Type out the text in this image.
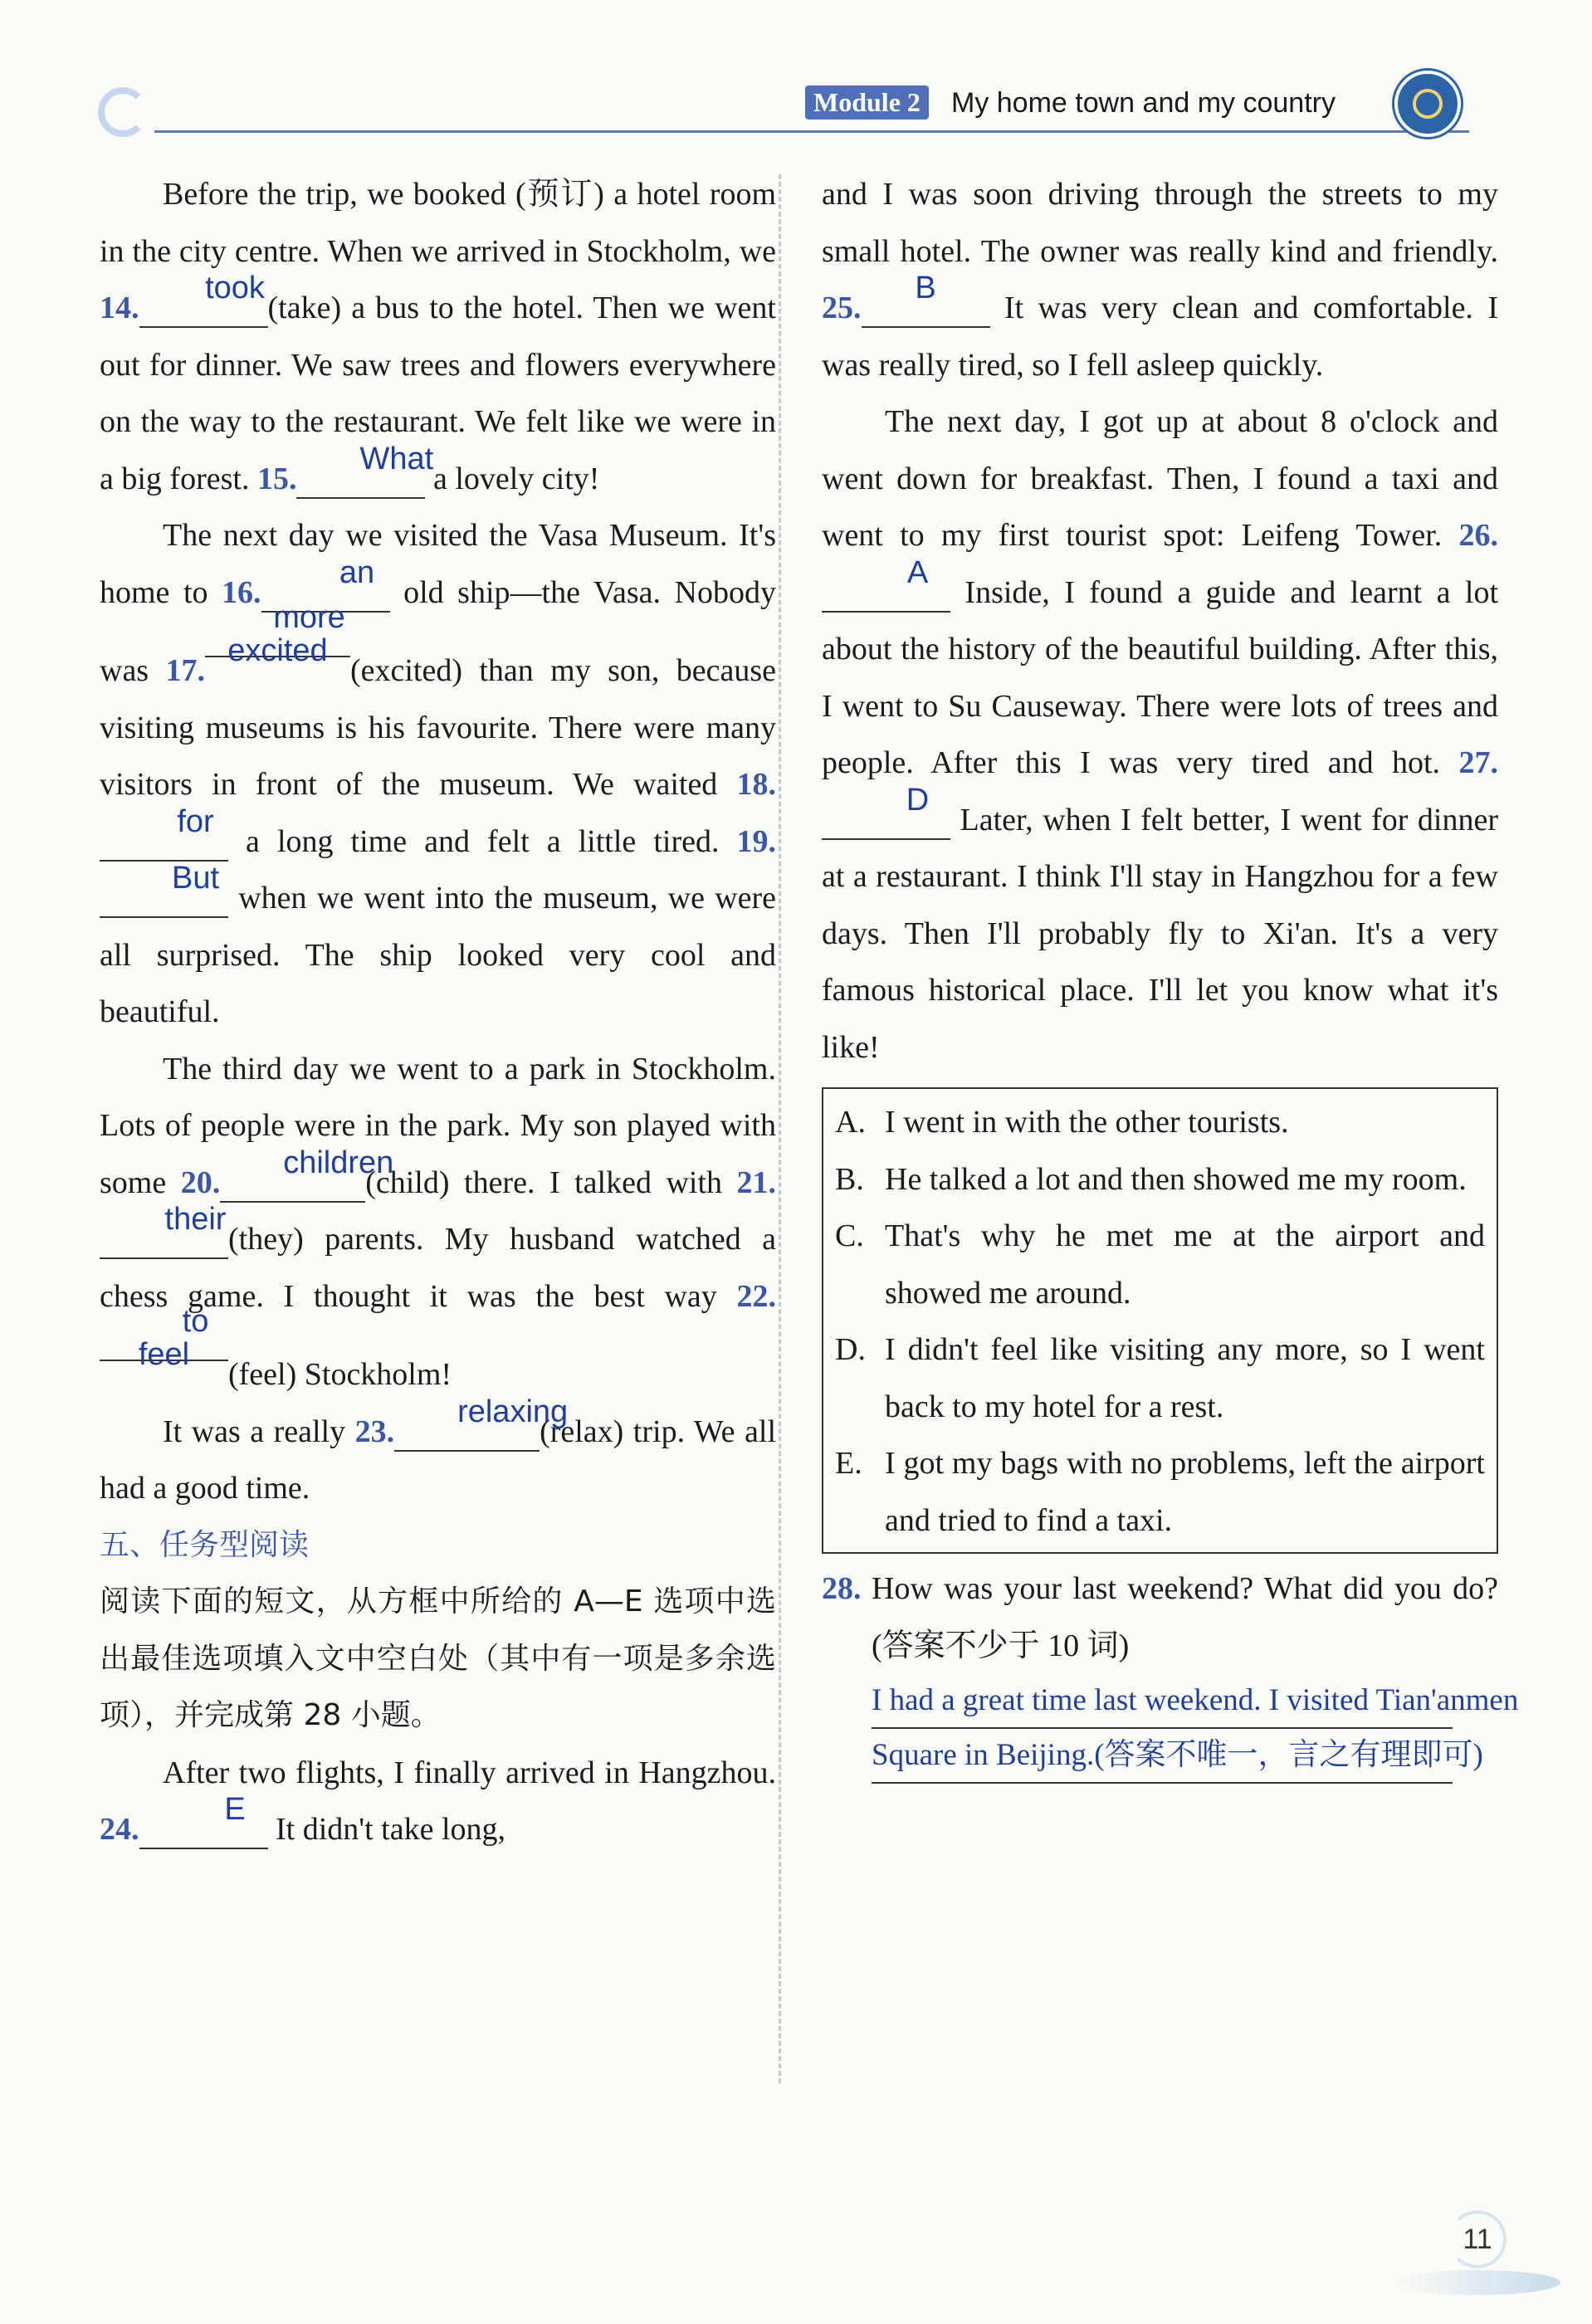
Module 2 My home town and my country

Before the trip, we booked (预订) a hotel room in the city centre. When we arrived in Stockholm, we 14.took(take) a bus to the hotel. Then we went out for dinner. We saw trees and flowers everywhere on the way to the restaurant. We felt like we were in a big forest. 15.What a lovely city!

The next day we visited the Vasa Museum. It's home to 16.an old ship—the Vasa. Nobody was 17.more excited(excited) than my son, because visiting museums is his favourite. There were many visitors in front of the museum. We waited 18.for a long time and felt a little tired. 19.But when we went into the museum, we were all surprised. The ship looked very cool and beautiful.

The third day we went to a park in Stockholm. Lots of people were in the park. My son played with some 20.children(child) there. I talked with 21.their(they) parents. My husband watched a chess game. I thought it was the best way 22.to feel(feel) Stockholm!

It was a really 23.relaxing(relax) trip. We all had a good time.

五、任务型阅读

阅读下面的短文，从方框中所给的 A—E 选项中选出最佳选项填入文中空白处（其中有一项是多余选项），并完成第 28 小题。

After two flights, I finally arrived in Hangzhou. 24.E It didn't take long,

and I was soon driving through the streets to my small hotel. The owner was really kind and friendly. 25.B It was very clean and comfortable. I was really tired, so I fell asleep quickly.

The next day, I got up at about 8 o'clock and went down for breakfast. Then, I found a taxi and went to my first tourist spot: Leifeng Tower. 26.A Inside, I found a guide and learnt a lot about the history of the beautiful building. After this, I went to Su Causeway. There were lots of trees and people. After this I was very tired and hot. 27.D Later, when I felt better, I went for dinner at a restaurant. I think I'll stay in Hangzhou for a few days. Then I'll probably fly to Xi'an. It's a very famous historical place. I'll let you know what it's like!

A. I went in with the other tourists.
B. He talked a lot and then showed me my room.
C. That's why he met me at the airport and showed me around.
D. I didn't feel like visiting any more, so I went back to my hotel for a rest.
E. I got my bags with no problems, left the airport and tried to find a taxi.
28. How was your last weekend? What did you do? (答案不少于 10 词)
I had a great time last weekend. I visited Tian'anmen
Square in Beijing.(答案不唯一，言之有理即可)
11
